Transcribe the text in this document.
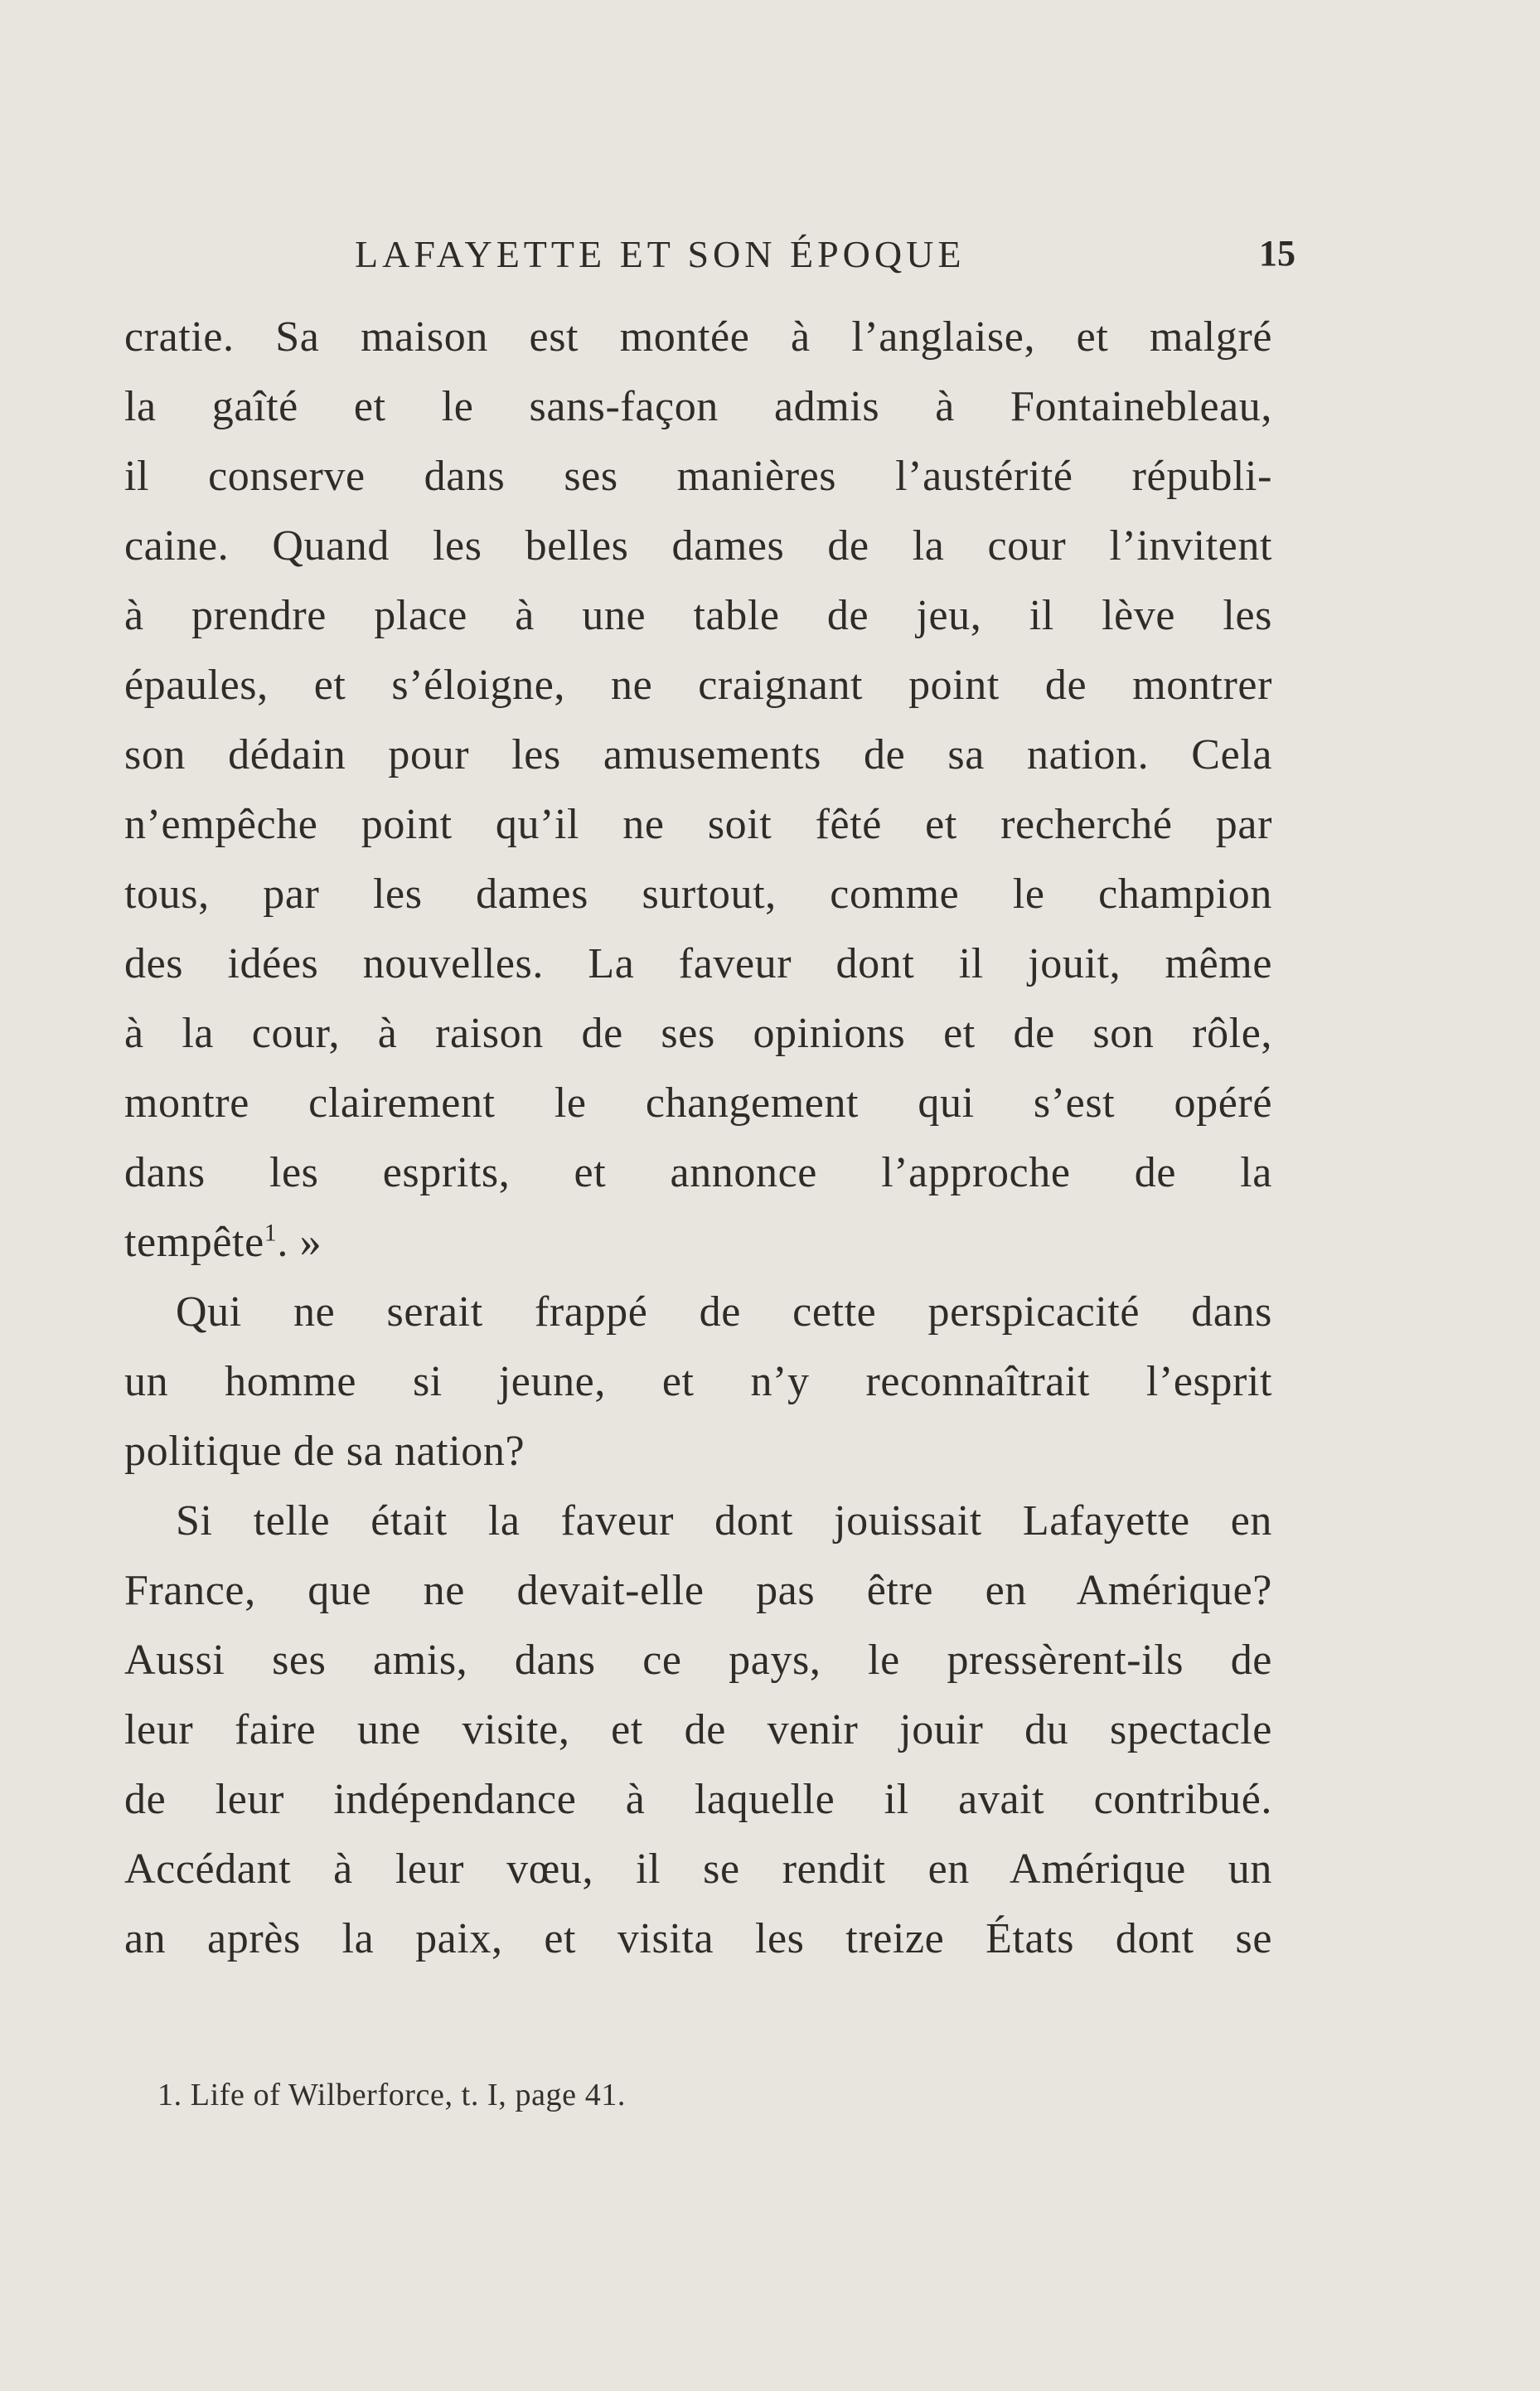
LAFAYETTE ET SON ÉPOQUE	15
cratie. Sa maison est montée à l’anglaise, et malgré
la gaîté et le sans-façon admis à Fontainebleau,
il conserve dans ses manières l’austérité républi-
caine. Quand les belles dames de la cour l’invitent
à prendre place à une table de jeu, il lève les
épaules, et s’éloigne, ne craignant point de montrer
son dédain pour les amusements de sa nation. Cela
n’empêche point qu’il ne soit fêté et recherché par
tous, par les dames surtout, comme le champion
des idées nouvelles. La faveur dont il jouit, même
à la cour, à raison de ses opinions et de son rôle,
montre clairement le changement qui s’est opéré
dans les esprits, et annonce l’approche de la
tempête$^1$. »
Qui ne serait frappé de cette perspicacité dans
un homme si jeune, et n’y reconnaîtrait l’esprit
politique de sa nation?
Si telle était la faveur dont jouissait Lafayette en
France, que ne devait-elle pas être en Amérique?
Aussi ses amis, dans ce pays, le pressèrent-ils de
leur faire une visite, et de venir jouir du spectacle
de leur indépendance à laquelle il avait contribué.
Accédant à leur vœu, il se rendit en Amérique un
an après la paix, et visita les treize États dont se
1. Life of Wilberforce, t. I, page 41.
